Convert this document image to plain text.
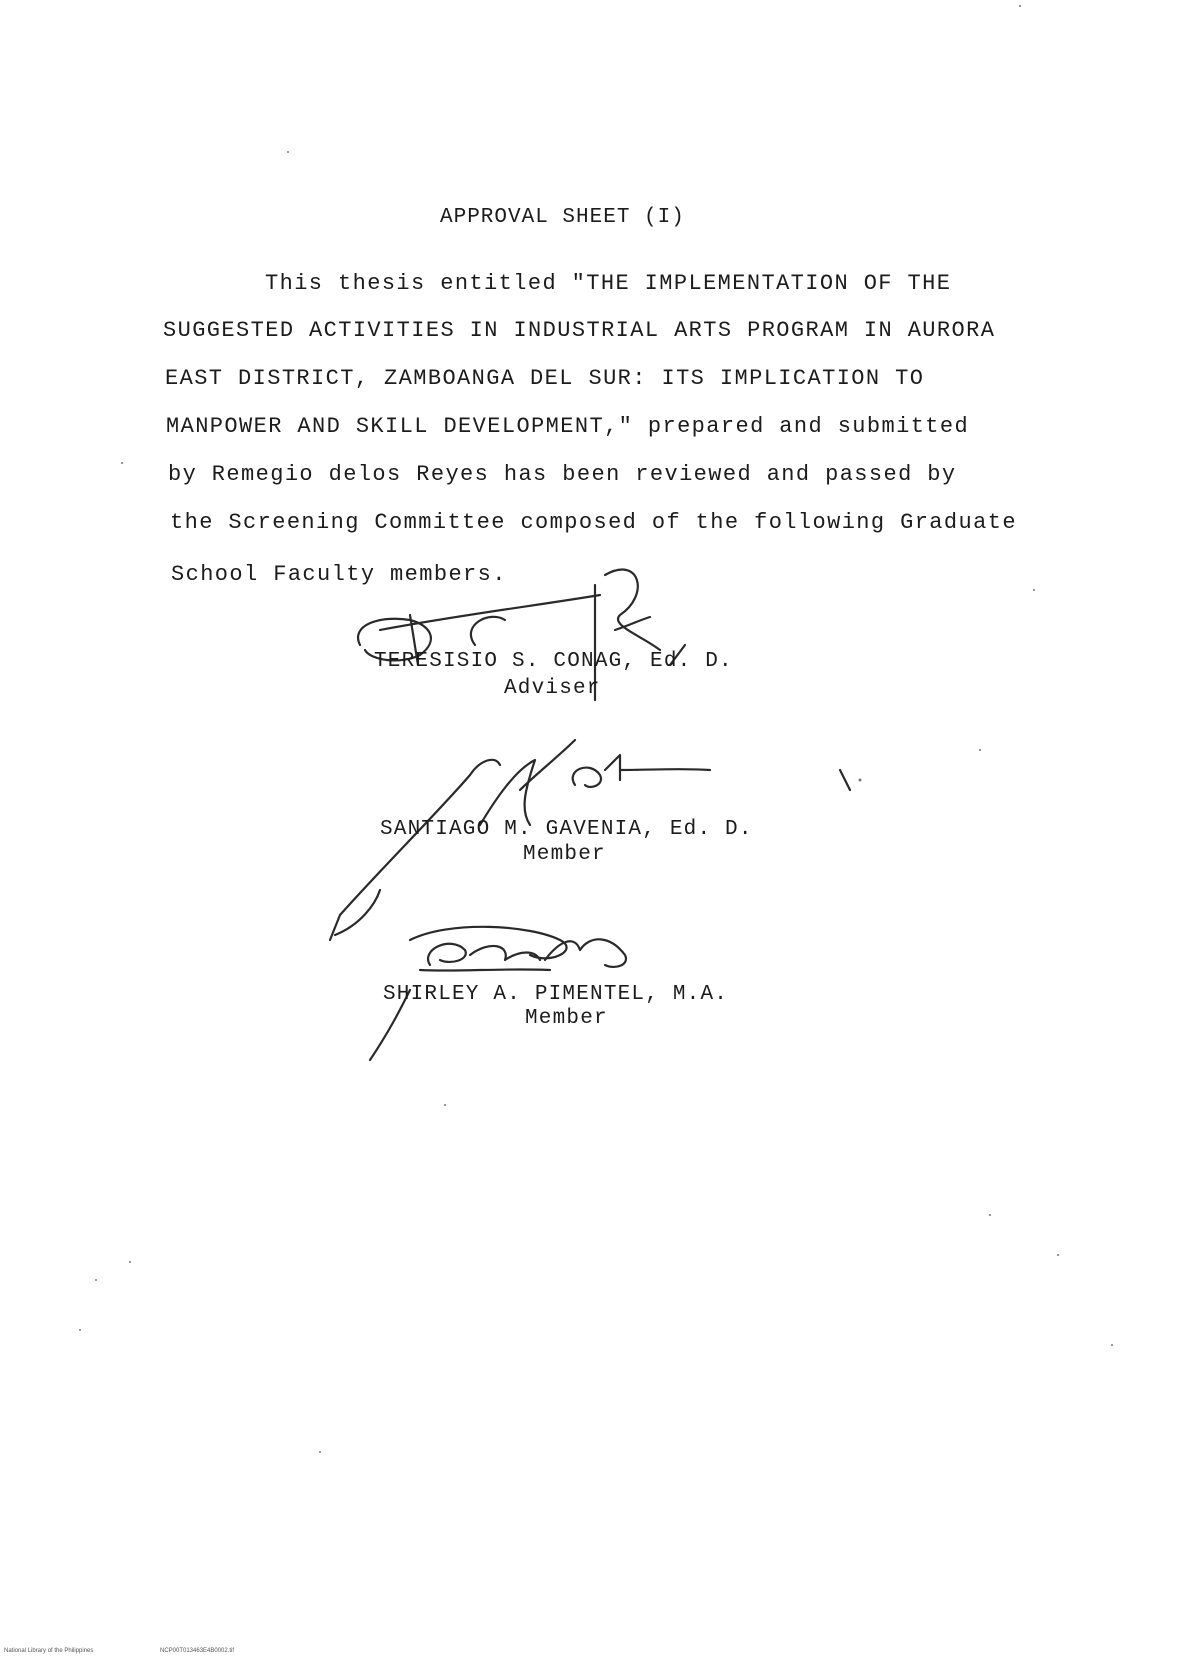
APPROVAL SHEET (I)
This thesis entitled "THE IMPLEMENTATION OF THE
SUGGESTED ACTIVITIES IN INDUSTRIAL ARTS PROGRAM IN AURORA
EAST DISTRICT, ZAMBOANGA DEL SUR: ITS IMPLICATION TO
MANPOWER AND SKILL DEVELOPMENT," prepared and submitted
by Remegio delos Reyes has been reviewed and passed by
the Screening Committee composed of the following Graduate
School Faculty members.
TERESISIO S. CONAG, Ed. D.
Adviser
SANTIAGO M. GAVENIA, Ed. D.
Member
SHIRLEY A. PIMENTEL, M.A.
Member
National Library of the Philippines	NCP00T013463E4B0002.tif
